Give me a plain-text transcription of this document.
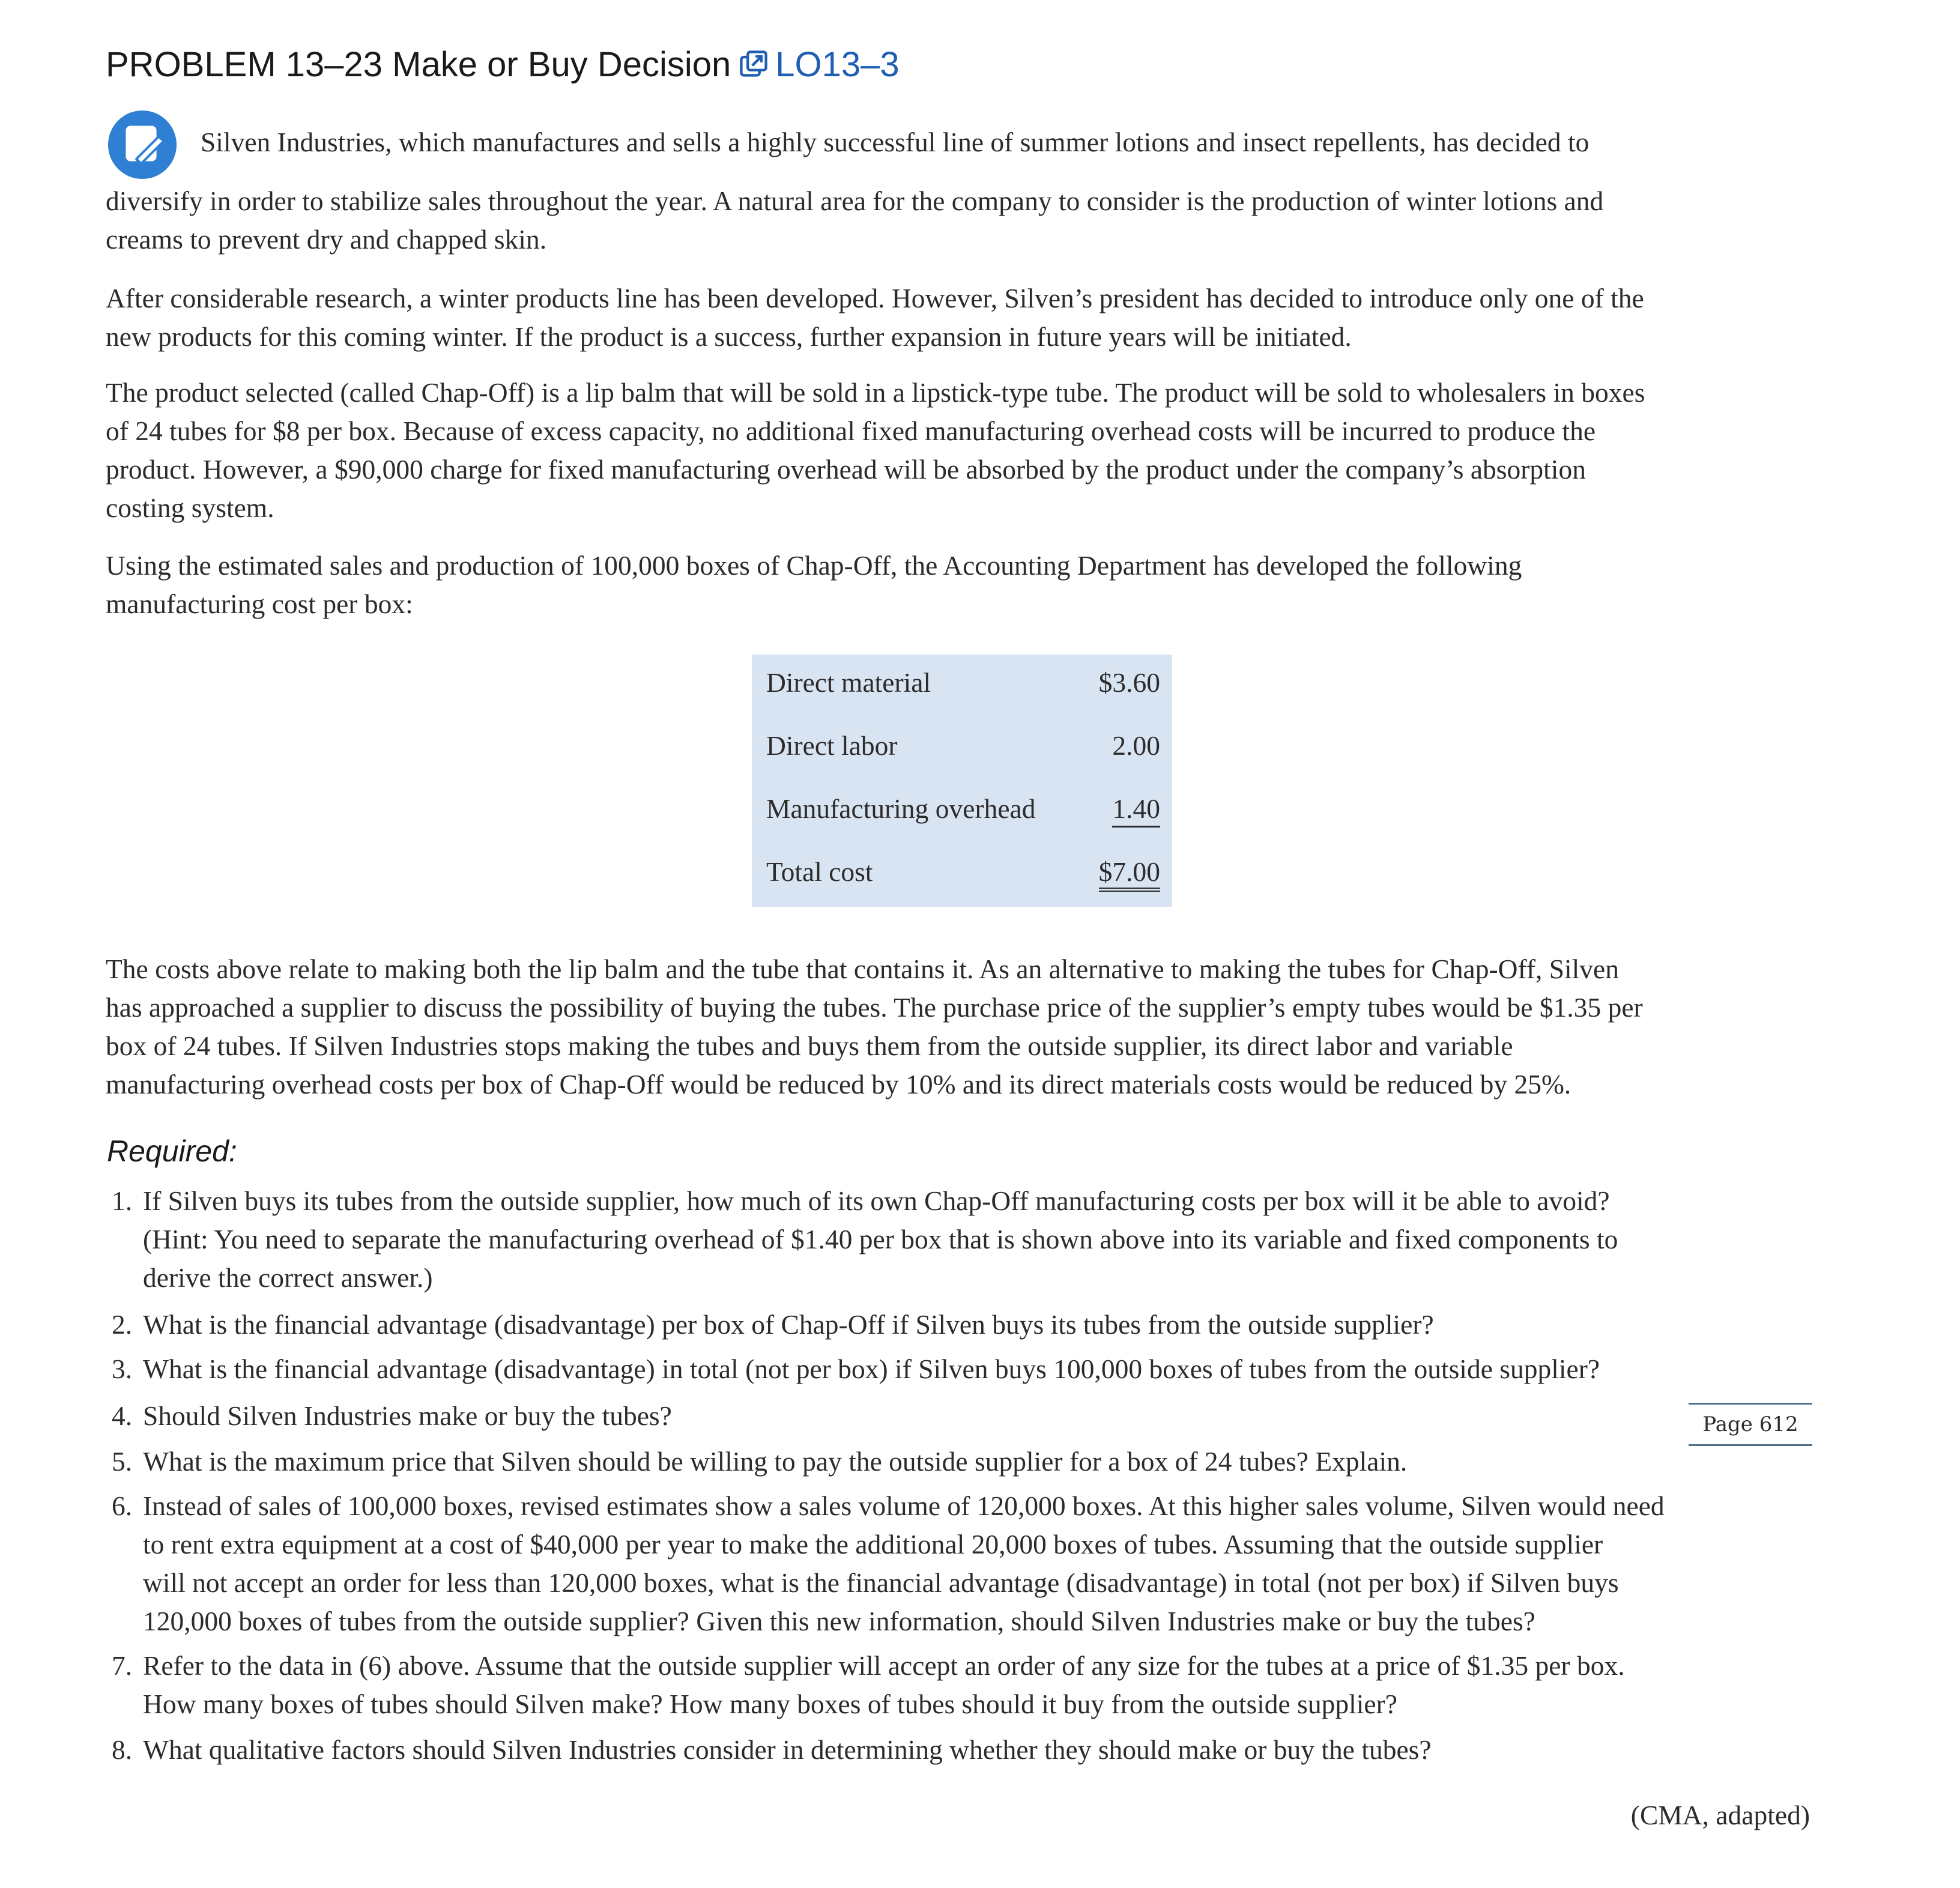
PROBLEM 13–23 Make or Buy Decision LO13–3
Silven Industries, which manufactures and sells a highly successful line of summer lotions and insect repellents, has decided to
diversify in order to stabilize sales throughout the year. A natural area for the company to consider is the production of winter lotions and
creams to prevent dry and chapped skin.
After considerable research, a winter products line has been developed. However, Silven’s president has decided to introduce only one of the
new products for this coming winter. If the product is a success, further expansion in future years will be initiated.
The product selected (called Chap-Off) is a lip balm that will be sold in a lipstick-type tube. The product will be sold to wholesalers in boxes
of 24 tubes for $8 per box. Because of excess capacity, no additional fixed manufacturing overhead costs will be incurred to produce the
product. However, a $90,000 charge for fixed manufacturing overhead will be absorbed by the product under the company’s absorption
costing system.
Using the estimated sales and production of 100,000 boxes of Chap-Off, the Accounting Department has developed the following
manufacturing cost per box:
Direct material	$3.60
Direct labor	2.00
Manufacturing overhead	1.40
Total cost	$7.00
The costs above relate to making both the lip balm and the tube that contains it. As an alternative to making the tubes for Chap-Off, Silven
has approached a supplier to discuss the possibility of buying the tubes. The purchase price of the supplier’s empty tubes would be $1.35 per
box of 24 tubes. If Silven Industries stops making the tubes and buys them from the outside supplier, its direct labor and variable
manufacturing overhead costs per box of Chap-Off would be reduced by 10% and its direct materials costs would be reduced by 25%.
Required:
1. If Silven buys its tubes from the outside supplier, how much of its own Chap-Off manufacturing costs per box will it be able to avoid?
(Hint: You need to separate the manufacturing overhead of $1.40 per box that is shown above into its variable and fixed components to
derive the correct answer.)
2. What is the financial advantage (disadvantage) per box of Chap-Off if Silven buys its tubes from the outside supplier?
3. What is the financial advantage (disadvantage) in total (not per box) if Silven buys 100,000 boxes of tubes from the outside supplier?
4. Should Silven Industries make or buy the tubes?
5. What is the maximum price that Silven should be willing to pay the outside supplier for a box of 24 tubes? Explain.
6. Instead of sales of 100,000 boxes, revised estimates show a sales volume of 120,000 boxes. At this higher sales volume, Silven would need
to rent extra equipment at a cost of $40,000 per year to make the additional 20,000 boxes of tubes. Assuming that the outside supplier
will not accept an order for less than 120,000 boxes, what is the financial advantage (disadvantage) in total (not per box) if Silven buys
120,000 boxes of tubes from the outside supplier? Given this new information, should Silven Industries make or buy the tubes?
7. Refer to the data in (6) above. Assume that the outside supplier will accept an order of any size for the tubes at a price of $1.35 per box.
How many boxes of tubes should Silven make? How many boxes of tubes should it buy from the outside supplier?
8. What qualitative factors should Silven Industries consider in determining whether they should make or buy the tubes?
Page 612

(CMA, adapted)
